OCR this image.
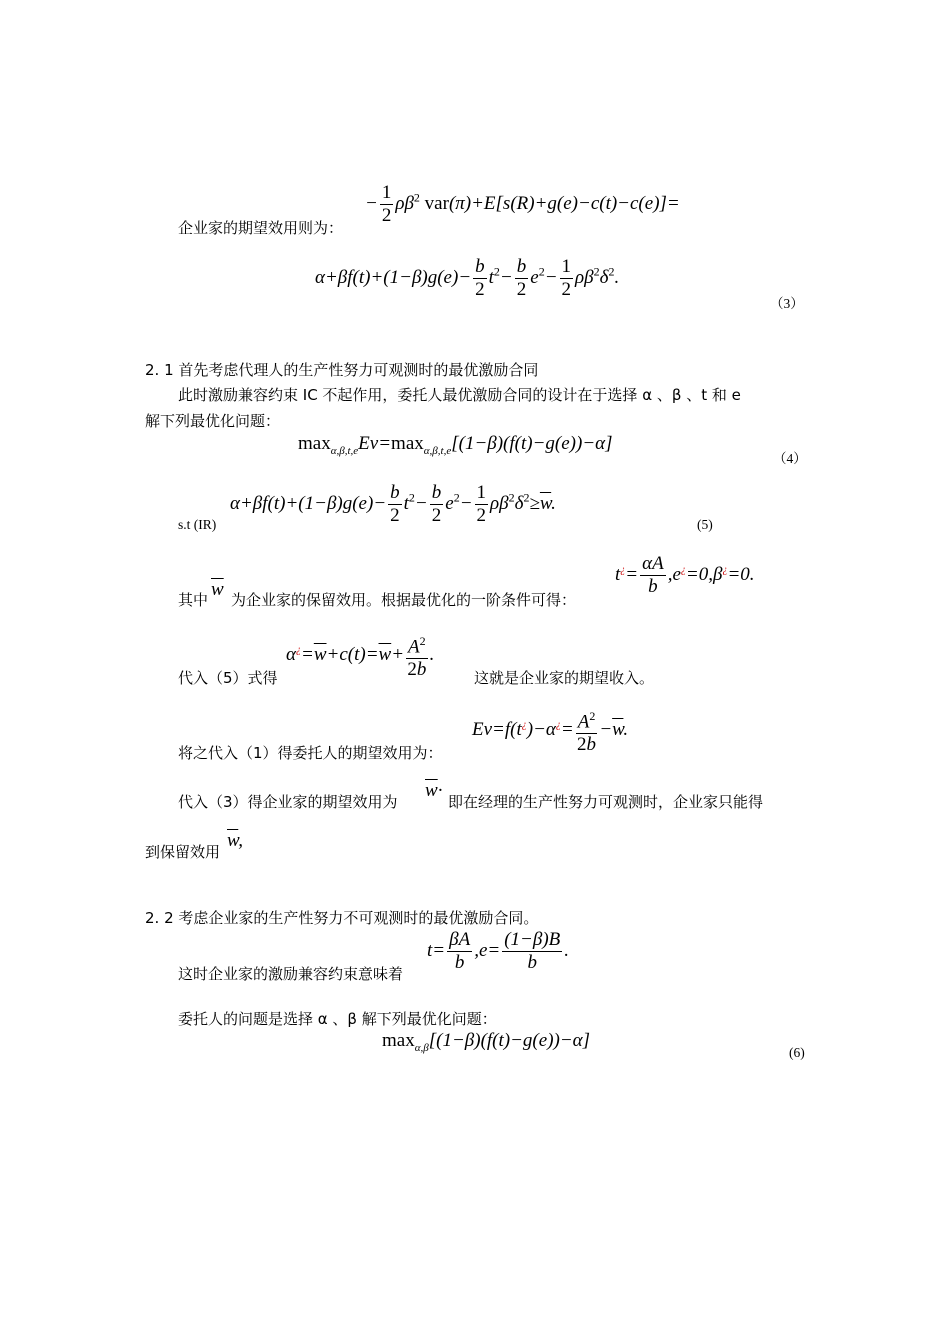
− $\frac{1}{2} \rho\beta^2$ var(π)+E[s(R)+g(e)−c(t)−c(e)]=
企业家的期望效用则为：
$\alpha+\beta f(t)+(1-\beta)g(e)- \frac{b}{2} t^2- \frac{b}{2} e^2- \frac{1}{2} \rho\beta^2\delta^2$.
（3）
2. 1 首先考虑代理人的生产性努力可观测时的最优激励合同
此时激励兼容约束 IC 不起作用，委托人最优激励合同的设计在于选择 α 、β 、t 和 e
解下列最优化问题：
$\max_{\alpha,\beta,t,e}Ev=\max_{\alpha,\beta,t,e}[(1-\beta)(f(t)-g(e))-\alpha]$
（4）
$\alpha+\beta f(t)+(1-\beta)g(e)- \frac{b}{2} t^2- \frac{b}{2} e^2- \frac{1}{2} \rho\beta^2\delta^2\ge\overline{w}$.
s.t (IR)	(5)
$t^¿= \frac{\alpha A}{b} ,e^¿=0,\beta^¿=0$.
其中 $\overline{w}$ 为企业家的保留效用。根据最优化的一阶条件可得：
$\alpha^¿=\overline{w}+c(t)=\overline{w}+ \frac{A^2}{2b}$ .
代入（5）式得	这就是企业家的期望收入。
$Ev=f(t^¿)-\alpha^¿= \frac{A^2}{2b} -\overline{w}$.
将之代入（1）得委托人的期望效用为：
代入（3）得企业家的期望效用为
$\overline{w}\cdot$
即在经理的生产性努力可观测时，企业家只能得
到保留效用
$\overline{w}$,
2. 2 考虑企业家的生产性努力不可观测时的最优激励合同。
$t= \frac{\beta A}{b} ,e= \frac{(1-\beta)B}{b}$ .
这时企业家的激励兼容约束意味着
委托人的问题是选择 α 、β 解下列最优化问题：
$\max_{\alpha,\beta}[(1-\beta)(f(t)-g(e))-\alpha]$
(6)
